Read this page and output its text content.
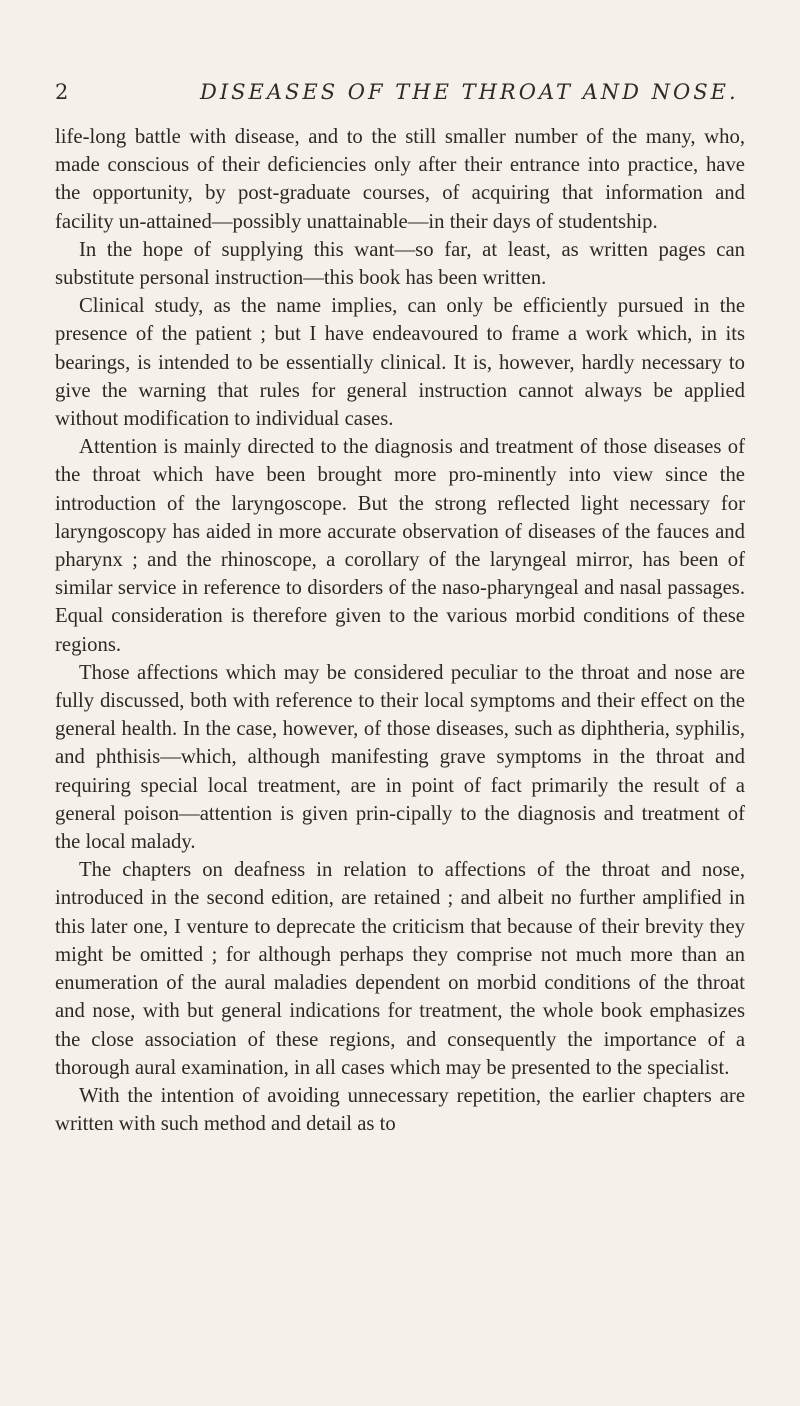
2	DISEASES OF THE THROAT AND NOSE.

life-long battle with disease, and to the still smaller number of the many, who, made conscious of their deficiencies only after their entrance into practice, have the opportunity, by post-graduate courses, of acquiring that information and facility un-attained—possibly unattainable—in their days of studentship.

In the hope of supplying this want—so far, at least, as written pages can substitute personal instruction—this book has been written.

Clinical study, as the name implies, can only be efficiently pursued in the presence of the patient ; but I have endeavoured to frame a work which, in its bearings, is intended to be essentially clinical. It is, however, hardly necessary to give the warning that rules for general instruction cannot always be applied without modification to individual cases.

Attention is mainly directed to the diagnosis and treatment of those diseases of the throat which have been brought more pro-minently into view since the introduction of the laryngoscope. But the strong reflected light necessary for laryngoscopy has aided in more accurate observation of diseases of the fauces and pharynx ; and the rhinoscope, a corollary of the laryngeal mirror, has been of similar service in reference to disorders of the naso-pharyngeal and nasal passages. Equal consideration is therefore given to the various morbid conditions of these regions.

Those affections which may be considered peculiar to the throat and nose are fully discussed, both with reference to their local symptoms and their effect on the general health. In the case, however, of those diseases, such as diphtheria, syphilis, and phthisis—which, although manifesting grave symptoms in the throat and requiring special local treatment, are in point of fact primarily the result of a general poison—attention is given prin-cipally to the diagnosis and treatment of the local malady.

The chapters on deafness in relation to affections of the throat and nose, introduced in the second edition, are retained ; and albeit no further amplified in this later one, I venture to deprecate the criticism that because of their brevity they might be omitted ; for although perhaps they comprise not much more than an enumeration of the aural maladies dependent on morbid conditions of the throat and nose, with but general indications for treatment, the whole book emphasizes the close association of these regions, and consequently the importance of a thorough aural examination, in all cases which may be presented to the specialist.

With the intention of avoiding unnecessary repetition, the earlier chapters are written with such method and detail as to
